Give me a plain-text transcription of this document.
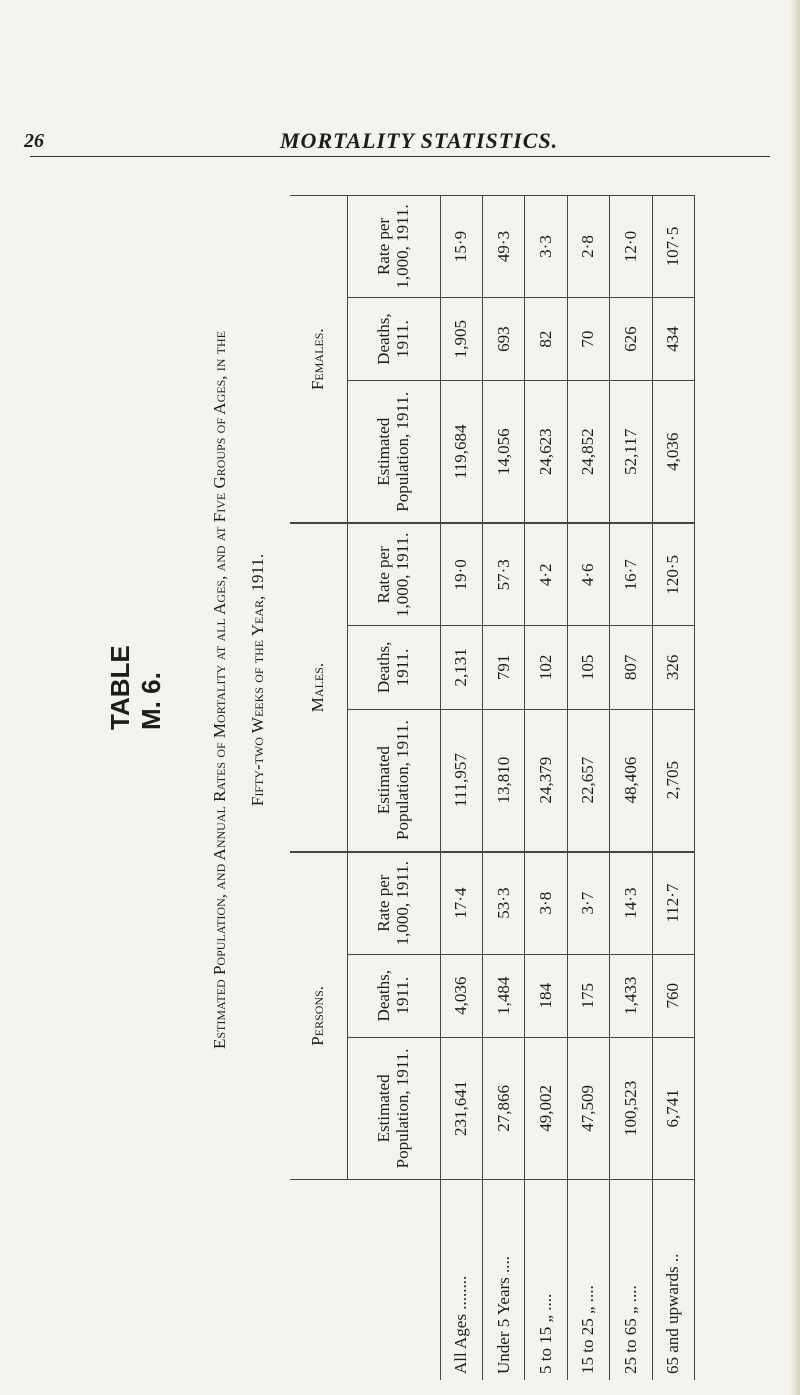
26	MORTALITY STATISTICS.
TABLE M. 6.	Estimated Population, and Annual Rates of Mortality at all Ages, and at Five Groups of Ages, in the Fifty-two Weeks of the Year, 1911.
	Persons.			Males.			Females.		
	Estimated Population, 1911.	Deaths, 1911.	Rate per 1,000, 1911.	Estimated Population, 1911.	Deaths, 1911.	Rate per 1,000, 1911.	Estimated Population, 1911.	Deaths, 1911.	Rate per 1,000, 1911.
All Ages ........	231,641	4,036	17·4	111,957	2,131	19·0	119,684	1,905	15·9
Under 5 Years ....	27,866	1,484	53·3	13,810	791	57·3	14,056	693	49·3
5 to 15 „ ....	49,002	184	3·8	24,379	102	4·2	24,623	82	3·3
15 to 25 „ ....	47,509	175	3·7	22,657	105	4·6	24,852	70	2·8
25 to 65 „ ....	100,523	1,433	14·3	48,406	807	16·7	52,117	626	12·0
65 and upwards ..	6,741	760	112·7	2,705	326	120·5	4,036	434	107·5
